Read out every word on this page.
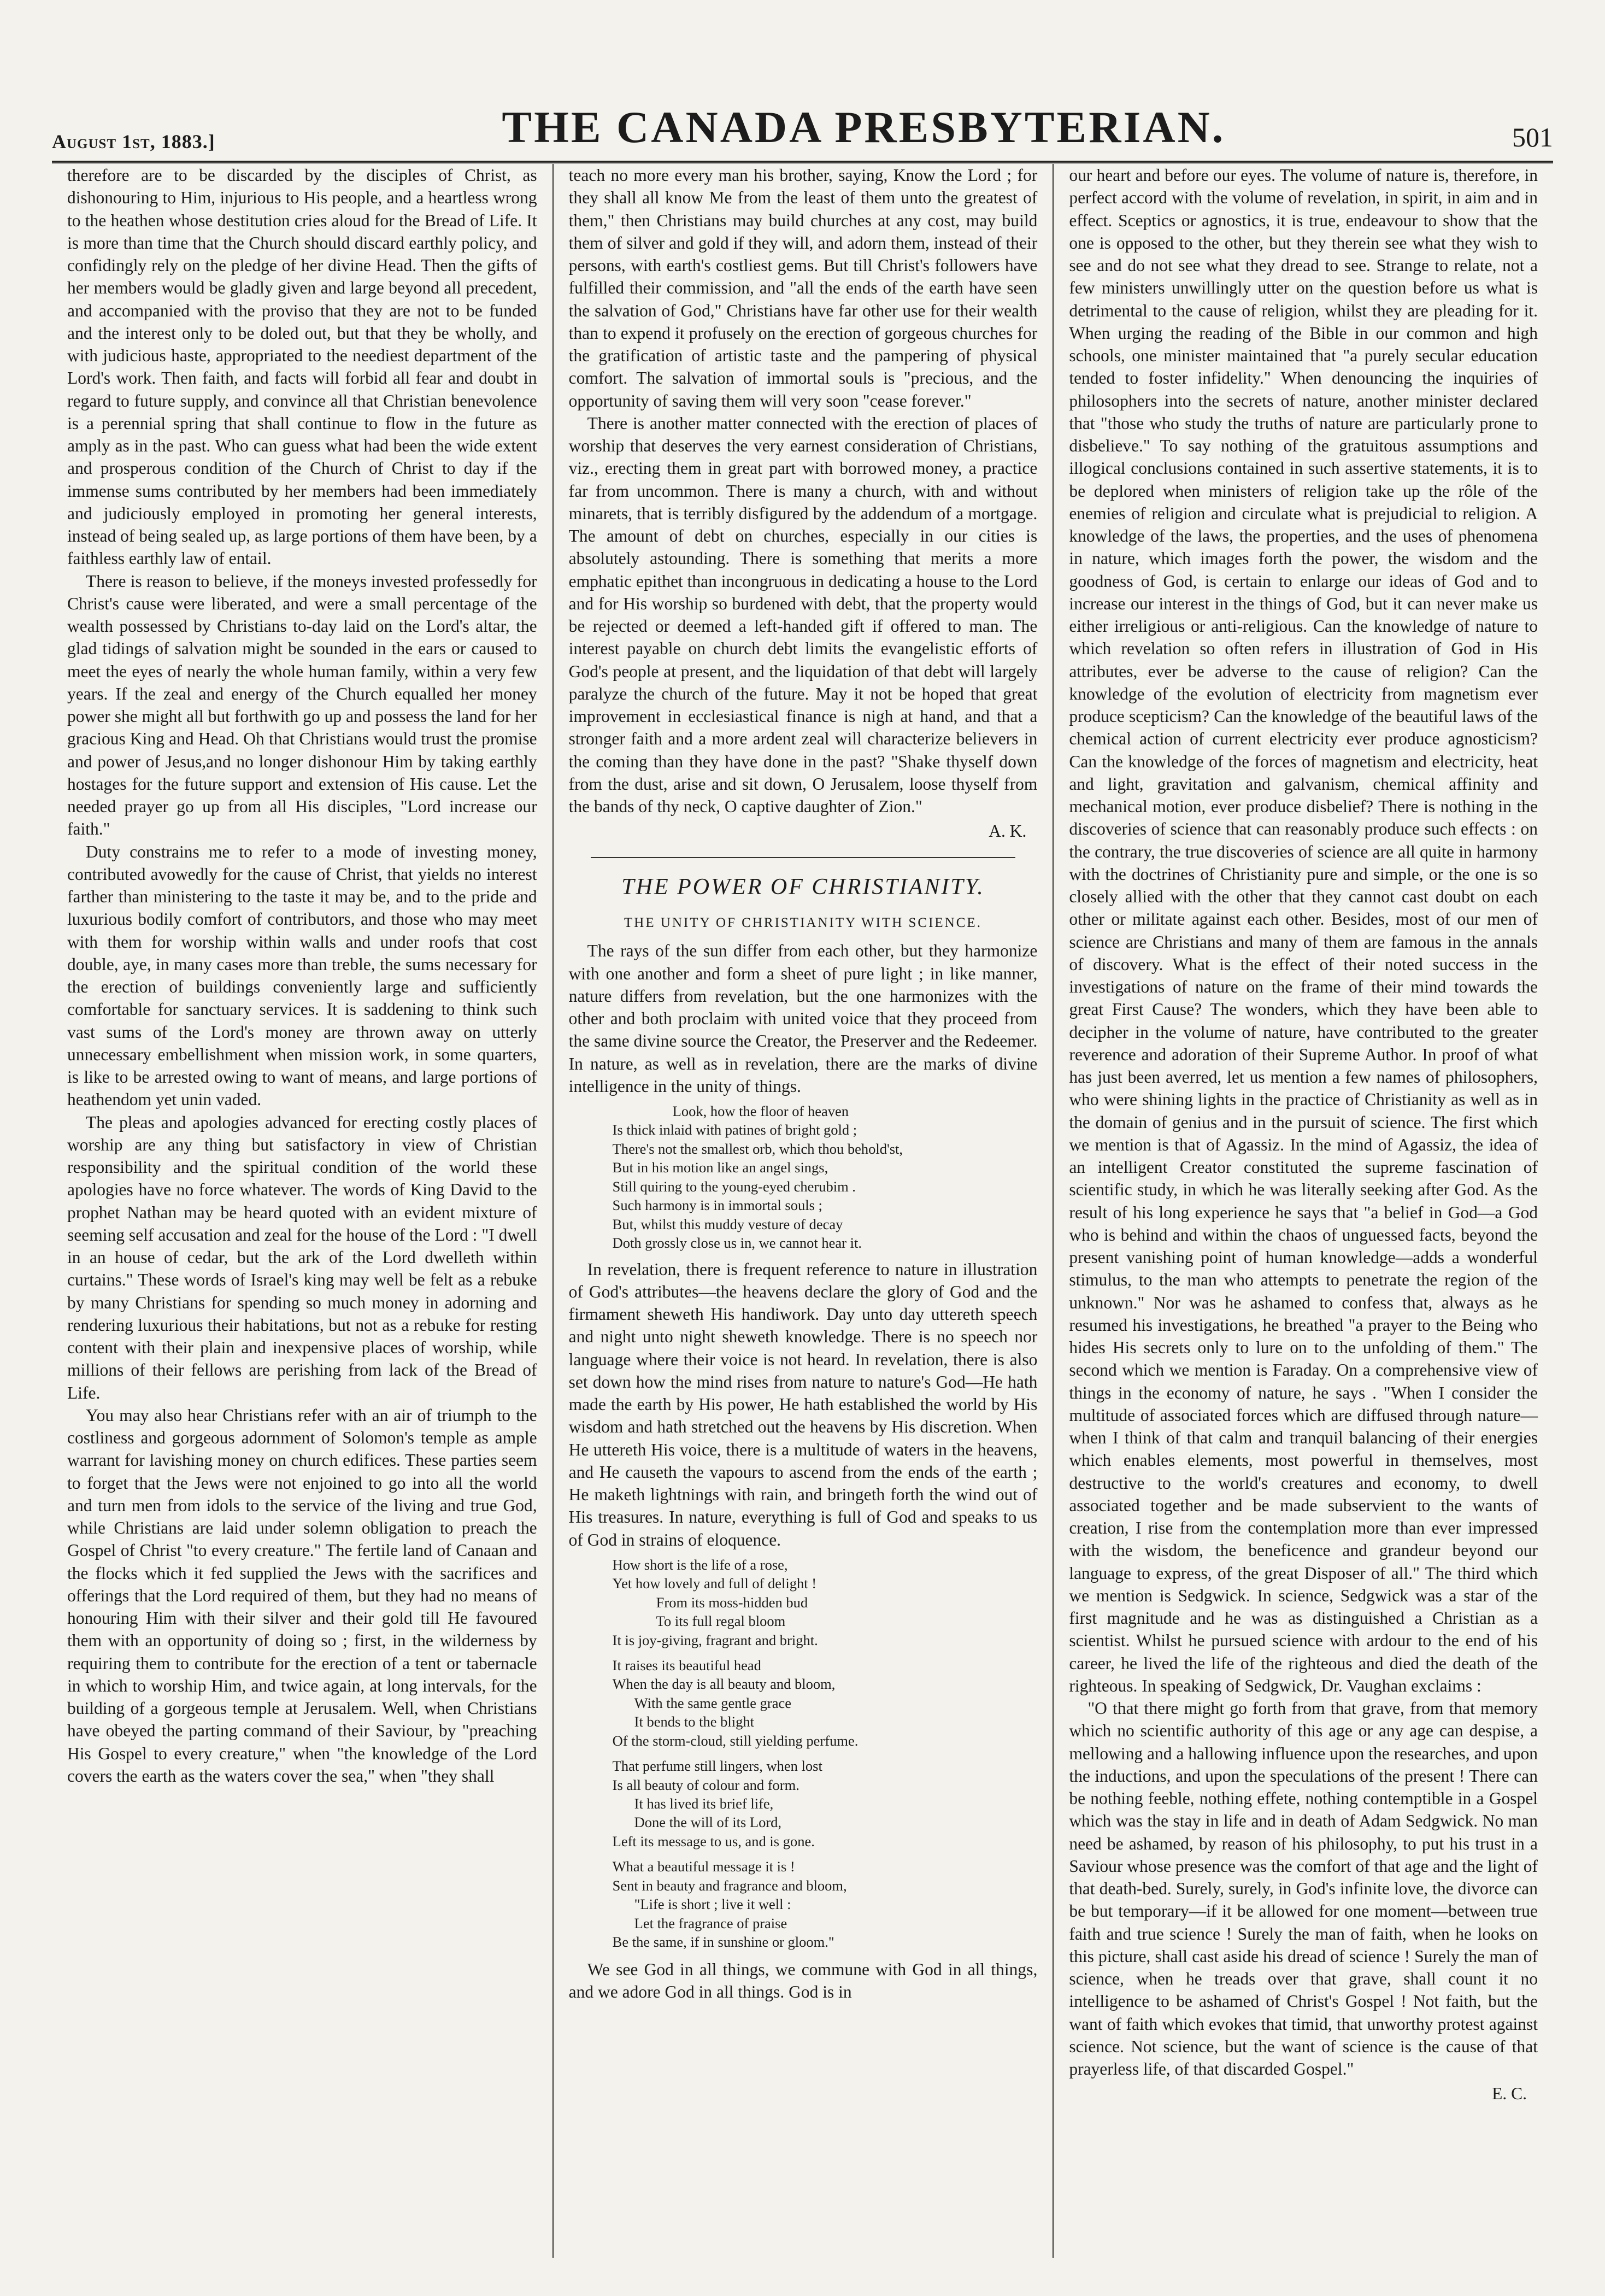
August 1st, 1883.]	THE CANADA PRESBYTERIAN.	501

therefore are to be discarded by the disciples of Christ, as dishonouring to Him, injurious to His people, and a heartless wrong to the heathen whose destitution cries aloud for the Bread of Life. It is more than time that the Church should discard earthly policy, and confidingly rely on the pledge of her divine Head. Then the gifts of her members would be gladly given and large beyond all precedent, and accompanied with the proviso that they are not to be funded and the interest only to be doled out, but that they be wholly, and with judicious haste, appropriated to the neediest department of the Lord's work. Then faith, and facts will forbid all fear and doubt in regard to future supply, and convince all that Christian benevolence is a perennial spring that shall continue to flow in the future as amply as in the past. Who can guess what had been the wide extent and prosperous condition of the Church of Christ to day if the immense sums contributed by her members had been immediately and judiciously employed in promoting her general interests, instead of being sealed up, as large portions of them have been, by a faithless earthly law of entail.

There is reason to believe, if the moneys invested professedly for Christ's cause were liberated, and were a small percentage of the wealth possessed by Christians to-day laid on the Lord's altar, the glad tidings of salvation might be sounded in the ears or caused to meet the eyes of nearly the whole human family, within a very few years. If the zeal and energy of the Church equalled her money power she might all but forthwith go up and possess the land for her gracious King and Head. Oh that Christians would trust the promise and power of Jesus,and no longer dishonour Him by taking earthly hostages for the future support and extension of His cause. Let the needed prayer go up from all His disciples, "Lord increase our faith."

Duty constrains me to refer to a mode of investing money, contributed avowedly for the cause of Christ, that yields no interest farther than ministering to the taste it may be, and to the pride and luxurious bodily comfort of contributors, and those who may meet with them for worship within walls and under roofs that cost double, aye, in many cases more than treble, the sums necessary for the erection of buildings conveniently large and sufficiently comfortable for sanctuary services. It is saddening to think such vast sums of the Lord's money are thrown away on utterly unnecessary embellishment when mission work, in some quarters, is like to be arrested owing to want of means, and large portions of heathendom yet unin vaded.

The pleas and apologies advanced for erecting costly places of worship are any thing but satisfactory in view of Christian responsibility and the spiritual condition of the world these apologies have no force whatever. The words of King David to the prophet Nathan may be heard quoted with an evident mixture of seeming self accusation and zeal for the house of the Lord : "I dwell in an house of cedar, but the ark of the Lord dwelleth within curtains." These words of Israel's king may well be felt as a rebuke by many Christians for spending so much money in adorning and rendering luxurious their habitations, but not as a rebuke for resting content with their plain and inexpensive places of worship, while millions of their fellows are perishing from lack of the Bread of Life.

You may also hear Christians refer with an air of triumph to the costliness and gorgeous adornment of Solomon's temple as ample warrant for lavishing money on church edifices. These parties seem to forget that the Jews were not enjoined to go into all the world and turn men from idols to the service of the living and true God, while Christians are laid under solemn obligation to preach the Gospel of Christ "to every creature." The fertile land of Canaan and the flocks which it fed supplied the Jews with the sacrifices and offerings that the Lord required of them, but they had no means of honouring Him with their silver and their gold till He favoured them with an opportunity of doing so ; first, in the wilderness by requiring them to contribute for the erection of a tent or tabernacle in which to worship Him, and twice again, at long intervals, for the building of a gorgeous temple at Jerusalem. Well, when Christians have obeyed the parting command of their Saviour, by "preaching His Gospel to every creature," when "the knowledge of the Lord covers the earth as the waters cover the sea," when "they shall

teach no more every man his brother, saying, Know the Lord ; for they shall all know Me from the least of them unto the greatest of them," then Christians may build churches at any cost, may build them of silver and gold if they will, and adorn them, instead of their persons, with earth's costliest gems. But till Christ's followers have fulfilled their commission, and "all the ends of the earth have seen the salvation of God," Christians have far other use for their wealth than to expend it profusely on the erection of gorgeous churches for the gratification of artistic taste and the pampering of physical comfort. The salvation of immortal souls is "precious, and the opportunity of saving them will very soon "cease forever."

There is another matter connected with the erection of places of worship that deserves the very earnest consideration of Christians, viz., erecting them in great part with borrowed money, a practice far from uncommon. There is many a church, with and without minarets, that is terribly disfigured by the addendum of a mortgage. The amount of debt on churches, especially in our cities is absolutely astounding. There is something that merits a more emphatic epithet than incongruous in dedicating a house to the Lord and for His worship so burdened with debt, that the property would be rejected or deemed a left-handed gift if offered to man. The interest payable on church debt limits the evangelistic efforts of God's people at present, and the liquidation of that debt will largely paralyze the church of the future. May it not be hoped that great improvement in ecclesiastical finance is nigh at hand, and that a stronger faith and a more ardent zeal will characterize believers in the coming than they have done in the past? "Shake thyself down from the dust, arise and sit down, O Jerusalem, loose thyself from the bands of thy neck, O captive daughter of Zion."

A. K.
THE POWER OF CHRISTIANITY.
THE UNITY OF CHRISTIANITY WITH SCIENCE.

The rays of the sun differ from each other, but they harmonize with one another and form a sheet of pure light ; in like manner, nature differs from revelation, but the one harmonizes with the other and both proclaim with united voice that they proceed from the same divine source the Creator, the Preserver and the Redeemer. In nature, as well as in revelation, there are the marks of divine intelligence in the unity of things.

Look, how the floor of heaven
Is thick inlaid with patines of bright gold ;
There's not the smallest orb, which thou behold'st,
But in his motion like an angel sings,
Still quiring to the young-eyed cherubim .
Such harmony is in immortal souls ;
But, whilst this muddy vesture of decay
Doth grossly close us in, we cannot hear it.

In revelation, there is frequent reference to nature in illustration of God's attributes—the heavens declare the glory of God and the firmament sheweth His handiwork. Day unto day uttereth speech and night unto night sheweth knowledge. There is no speech nor language where their voice is not heard. In revelation, there is also set down how the mind rises from nature to nature's God—He hath made the earth by His power, He hath established the world by His wisdom and hath stretched out the heavens by His discretion. When He uttereth His voice, there is a multitude of waters in the heavens, and He causeth the vapours to ascend from the ends of the earth ; He maketh lightnings with rain, and bringeth forth the wind out of His treasures. In nature, everything is full of God and speaks to us of God in strains of eloquence.

How short is the life of a rose,
Yet how lovely and full of delight !
From its moss-hidden bud
To its full regal bloom
It is joy-giving, fragrant and bright.
It raises its beautiful head
When the day is all beauty and bloom,
With the same gentle grace
It bends to the blight
Of the storm-cloud, still yielding perfume.
That perfume still lingers, when lost
Is all beauty of colour and form.
It has lived its brief life,
Done the will of its Lord,
Left its message to us, and is gone.
What a beautiful message it is !
Sent in beauty and fragrance and bloom,
"Life is short ; live it well :
Let the fragrance of praise
Be the same, if in sunshine or gloom."

We see God in all things, we commune with God in all things, and we adore God in all things. God is in

our heart and before our eyes. The volume of nature is, therefore, in perfect accord with the volume of revelation, in spirit, in aim and in effect. Sceptics or agnostics, it is true, endeavour to show that the one is opposed to the other, but they therein see what they wish to see and do not see what they dread to see. Strange to relate, not a few ministers unwillingly utter on the question before us what is detrimental to the cause of religion, whilst they are pleading for it. When urging the reading of the Bible in our common and high schools, one minister maintained that "a purely secular education tended to foster infidelity." When denouncing the inquiries of philosophers into the secrets of nature, another minister declared that "those who study the truths of nature are particularly prone to disbelieve." To say nothing of the gratuitous assumptions and illogical conclusions contained in such assertive statements, it is to be deplored when ministers of religion take up the rôle of the enemies of religion and circulate what is prejudicial to religion. A knowledge of the laws, the properties, and the uses of phenomena in nature, which images forth the power, the wisdom and the goodness of God, is certain to enlarge our ideas of God and to increase our interest in the things of God, but it can never make us either irreligious or anti-religious. Can the knowledge of nature to which revelation so often refers in illustration of God in His attributes, ever be adverse to the cause of religion? Can the knowledge of the evolution of electricity from magnetism ever produce scepticism? Can the knowledge of the beautiful laws of the chemical action of current electricity ever produce agnosticism? Can the knowledge of the forces of magnetism and electricity, heat and light, gravitation and galvanism, chemical affinity and mechanical motion, ever produce disbelief? There is nothing in the discoveries of science that can reasonably produce such effects : on the contrary, the true discoveries of science are all quite in harmony with the doctrines of Christianity pure and simple, or the one is so closely allied with the other that they cannot cast doubt on each other or militate against each other. Besides, most of our men of science are Christians and many of them are famous in the annals of discovery. What is the effect of their noted success in the investigations of nature on the frame of their mind towards the great First Cause? The wonders, which they have been able to decipher in the volume of nature, have contributed to the greater reverence and adoration of their Supreme Author. In proof of what has just been averred, let us mention a few names of philosophers, who were shining lights in the practice of Christianity as well as in the domain of genius and in the pursuit of science. The first which we mention is that of Agassiz. In the mind of Agassiz, the idea of an intelligent Creator constituted the supreme fascination of scientific study, in which he was literally seeking after God. As the result of his long experience he says that "a belief in God—a God who is behind and within the chaos of unguessed facts, beyond the present vanishing point of human knowledge—adds a wonderful stimulus, to the man who attempts to penetrate the region of the unknown." Nor was he ashamed to confess that, always as he resumed his investigations, he breathed "a prayer to the Being who hides His secrets only to lure on to the unfolding of them." The second which we mention is Faraday. On a comprehensive view of things in the economy of nature, he says . "When I consider the multitude of associated forces which are diffused through nature—when I think of that calm and tranquil balancing of their energies which enables elements, most powerful in themselves, most destructive to the world's creatures and economy, to dwell associated together and be made subservient to the wants of creation, I rise from the contemplation more than ever impressed with the wisdom, the beneficence and grandeur beyond our language to express, of the great Disposer of all." The third which we mention is Sedgwick. In science, Sedgwick was a star of the first magnitude and he was as distinguished a Christian as a scientist. Whilst he pursued science with ardour to the end of his career, he lived the life of the righteous and died the death of the righteous. In speaking of Sedgwick, Dr. Vaughan exclaims :

"O that there might go forth from that grave, from that memory which no scientific authority of this age or any age can despise, a mellowing and a hallowing influence upon the researches, and upon the inductions, and upon the speculations of the present ! There can be nothing feeble, nothing effete, nothing contemptible in a Gospel which was the stay in life and in death of Adam Sedgwick. No man need be ashamed, by reason of his philosophy, to put his trust in a Saviour whose presence was the comfort of that age and the light of that death-bed. Surely, surely, in God's infinite love, the divorce can be but temporary—if it be allowed for one moment—between true faith and true science ! Surely the man of faith, when he looks on this picture, shall cast aside his dread of science ! Surely the man of science, when he treads over that grave, shall count it no intelligence to be ashamed of Christ's Gospel ! Not faith, but the want of faith which evokes that timid, that unworthy protest against science. Not science, but the want of science is the cause of that prayerless life, of that discarded Gospel."

E. C.
